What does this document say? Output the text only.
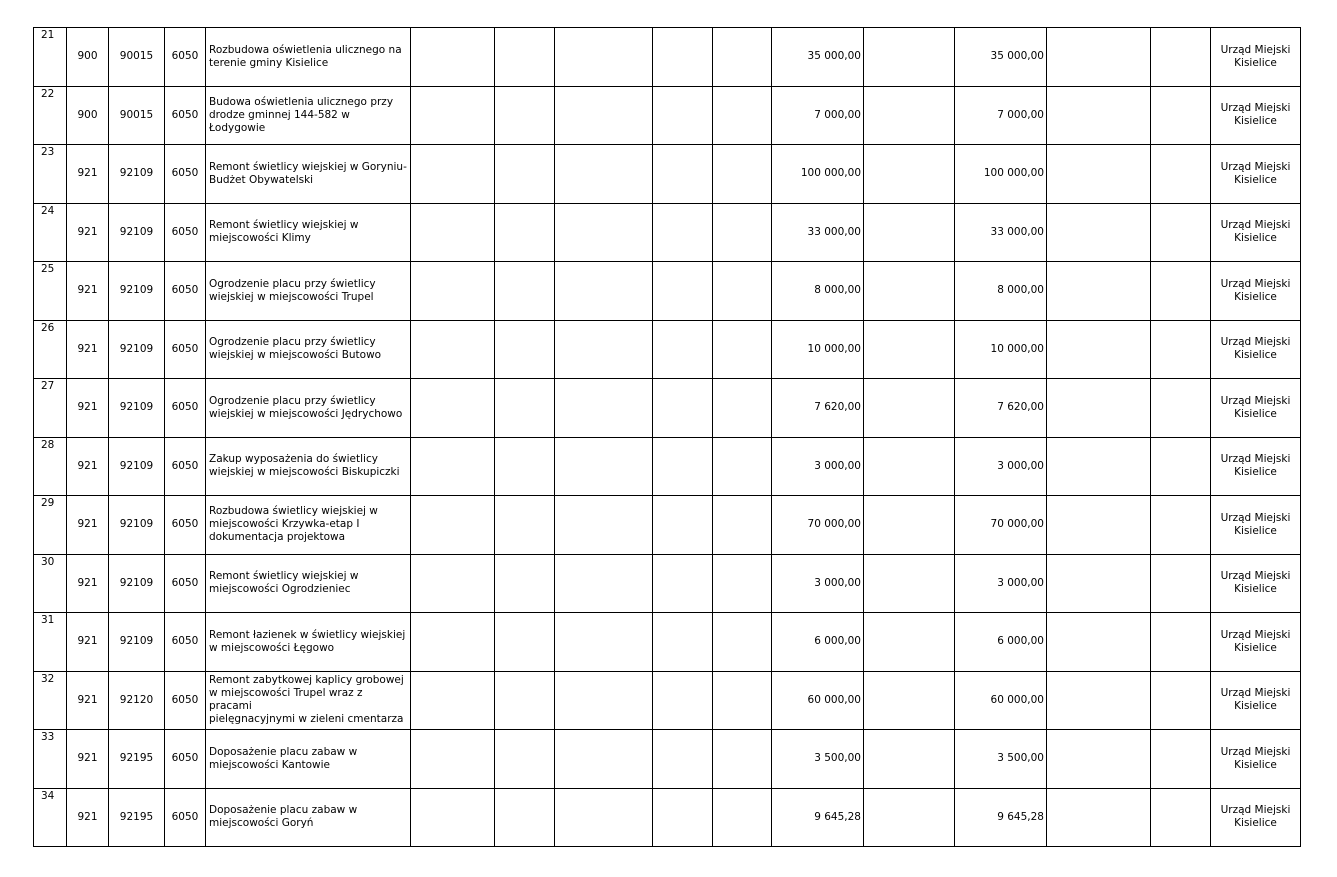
21	900	90015	6050	Rozbudowa oświetlenia ulicznego na
terenie gminy Kisielice						35 000,00		35 000,00			Urząd Miejski
Kisielice

22	900	90015	6050	Budowa oświetlenia ulicznego przy
drodze gminnej 144-582 w Łodygowie						7 000,00		7 000,00			Urząd Miejski
Kisielice

23	921	92109	6050	Remont świetlicy wiejskiej w Goryniu-
Budżet Obywatelski						100 000,00		100 000,00			Urząd Miejski
Kisielice

24	921	92109	6050	Remont świetlicy wiejskiej w
miejscowości Klimy						33 000,00		33 000,00			Urząd Miejski
Kisielice

25	921	92109	6050	Ogrodzenie placu przy świetlicy
wiejskiej w miejscowości Trupel						8 000,00		8 000,00			Urząd Miejski
Kisielice

26	921	92109	6050	Ogrodzenie placu przy świetlicy
wiejskiej w miejscowości Butowo						10 000,00		10 000,00			Urząd Miejski
Kisielice

27	921	92109	6050	Ogrodzenie placu przy świetlicy
wiejskiej w miejscowości Jędrychowo						7 620,00		7 620,00			Urząd Miejski
Kisielice

28	921	92109	6050	Zakup wyposażenia do świetlicy
wiejskiej w miejscowości Biskupiczki						3 000,00		3 000,00			Urząd Miejski
Kisielice

29	921	92109	6050	Rozbudowa świetlicy wiejskiej w
miejscowości Krzywka-etap I
dokumentacja projektowa						70 000,00		70 000,00			Urząd Miejski
Kisielice

30	921	92109	6050	Remont świetlicy wiejskiej w
miejscowości Ogrodzieniec						3 000,00		3 000,00			Urząd Miejski
Kisielice

31	921	92109	6050	Remont łazienek w świetlicy wiejskiej
w miejscowości Łęgowo						6 000,00		6 000,00			Urząd Miejski
Kisielice

32	921	92120	6050	Remont zabytkowej kaplicy grobowej
w miejscowości Trupel wraz z pracami
pielęgnacyjnymi w zieleni cmentarza						60 000,00		60 000,00			Urząd Miejski
Kisielice

33	921	92195	6050	Doposażenie placu zabaw w
miejscowości Kantowie						3 500,00		3 500,00			Urząd Miejski
Kisielice

34	921	92195	6050	Doposażenie placu zabaw w
miejscowości Goryń						9 645,28		9 645,28			Urząd Miejski
Kisielice
